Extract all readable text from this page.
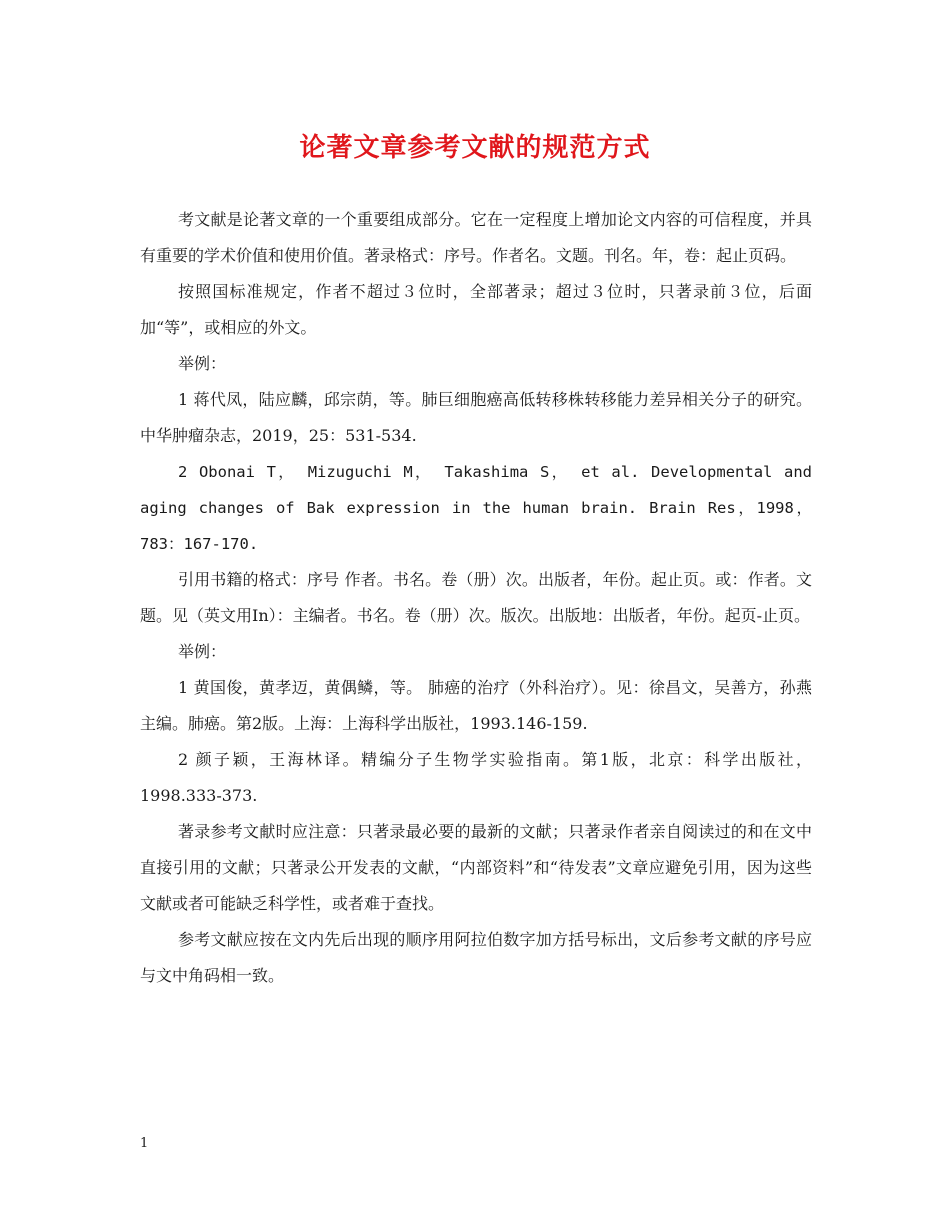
论著文章参考文献的规范方式

考文献是论著文章的一个重要组成部分。它在一定程度上增加论文内容的可信程度，并具有重要的学术价值和使用价值。著录格式：序号。作者名。文题。刊名。年，卷：起止页码。

按照国标准规定，作者不超过３位时，全部著录；超过３位时，只著录前３位，后面加“等”，或相应的外文。

举例：

1 蒋代凤，陆应麟，邱宗荫，等。肺巨细胞癌高低转移株转移能力差异相关分子的研究。中华肿瘤杂志，2019，25：531-534.

2 Obonai T， Mizuguchi M， Takashima S， et al. Developmental and aging changes of Bak expression in the human brain. Brain Res，1998，783：167-170.

引用书籍的格式：序号 作者。书名。卷（册）次。出版者，年份。起止页。或：作者。文题。见（英文用In）：主编者。书名。卷（册）次。版次。出版地：出版者，年份。起页-止页。

举例：

1 黄国俊，黄孝迈，黄偶鳞，等。 肺癌的治疗（外科治疗）。见：徐昌文，吴善方，孙燕主编。肺癌。第2版。上海：上海科学出版社，1993.146-159.

2 颜子颖，王海林译。精编分子生物学实验指南。第1版，北京：科学出版社，1998.333-373.

著录参考文献时应注意：只著录最必要的最新的文献；只著录作者亲自阅读过的和在文中直接引用的文献；只著录公开发表的文献，“内部资料”和“待发表”文章应避免引用，因为这些文献或者可能缺乏科学性，或者难于查找。

参考文献应按在文内先后出现的顺序用阿拉伯数字加方括号标出，文后参考文献的序号应与文中角码相一致。

1
